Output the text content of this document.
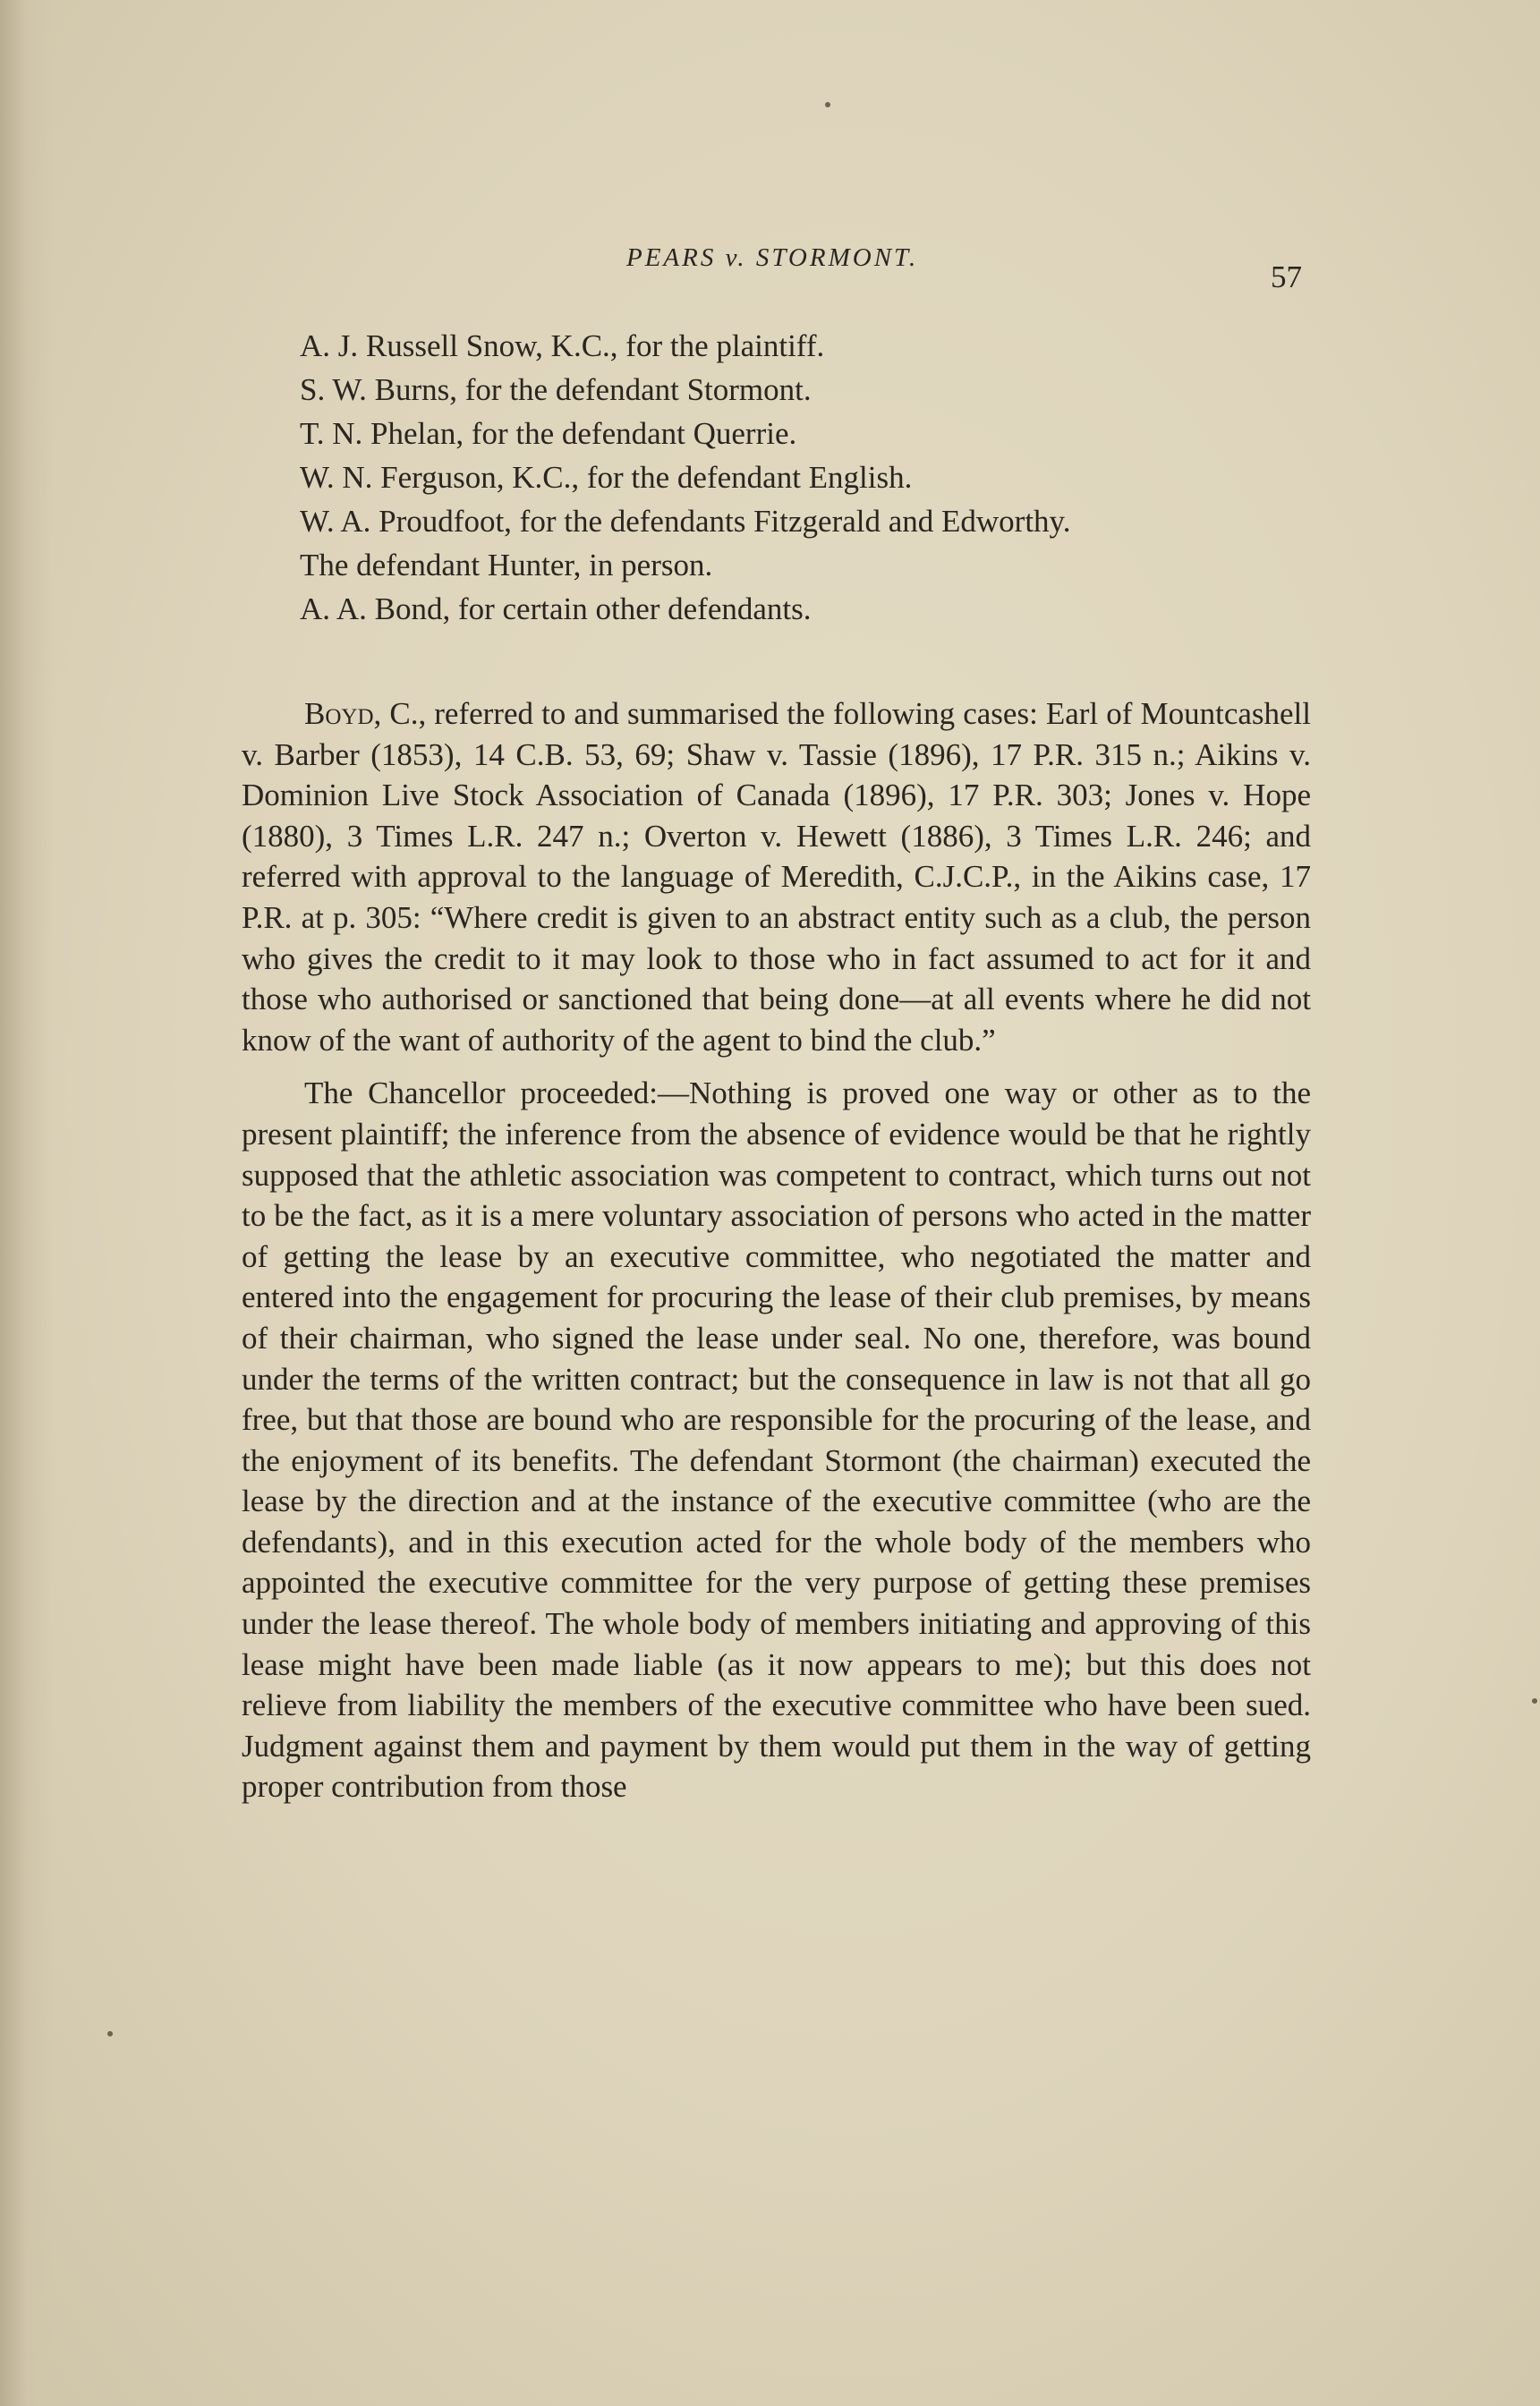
PEARS v. STORMONT.
57

A. J. Russell Snow, K.C., for the plaintiff.

S. W. Burns, for the defendant Stormont.

T. N. Phelan, for the defendant Querrie.

W. N. Ferguson, K.C., for the defendant English.

W. A. Proudfoot, for the defendants Fitzgerald and Edworthy.

The defendant Hunter, in person.

A. A. Bond, for certain other defendants.

Boyd, C., referred to and summarised the following cases: Earl of Mountcashell v. Barber (1853), 14 C.B. 53, 69; Shaw v. Tassie (1896), 17 P.R. 315 n.; Aikins v. Dominion Live Stock Association of Canada (1896), 17 P.R. 303; Jones v. Hope (1880), 3 Times L.R. 247 n.; Overton v. Hewett (1886), 3 Times L.R. 246; and referred with approval to the language of Meredith, C.J.C.P., in the Aikins case, 17 P.R. at p. 305: “Where credit is given to an abstract entity such as a club, the person who gives the credit to it may look to those who in fact assumed to act for it and those who authorised or sanctioned that being done—at all events where he did not know of the want of authority of the agent to bind the club.”

The Chancellor proceeded:—Nothing is proved one way or other as to the present plaintiff; the inference from the absence of evidence would be that he rightly supposed that the athletic association was competent to contract, which turns out not to be the fact, as it is a mere voluntary association of persons who acted in the matter of getting the lease by an executive committee, who negotiated the matter and entered into the engagement for procuring the lease of their club premises, by means of their chairman, who signed the lease under seal. No one, therefore, was bound under the terms of the written contract; but the consequence in law is not that all go free, but that those are bound who are responsible for the procuring of the lease, and the enjoyment of its benefits. The defendant Stormont (the chairman) executed the lease by the direction and at the instance of the executive committee (who are the defendants), and in this execution acted for the whole body of the members who appointed the executive committee for the very purpose of getting these premises under the lease thereof. The whole body of members initiating and approving of this lease might have been made liable (as it now appears to me); but this does not relieve from liability the members of the executive committee who have been sued. Judgment against them and payment by them would put them in the way of getting proper contribution from those
